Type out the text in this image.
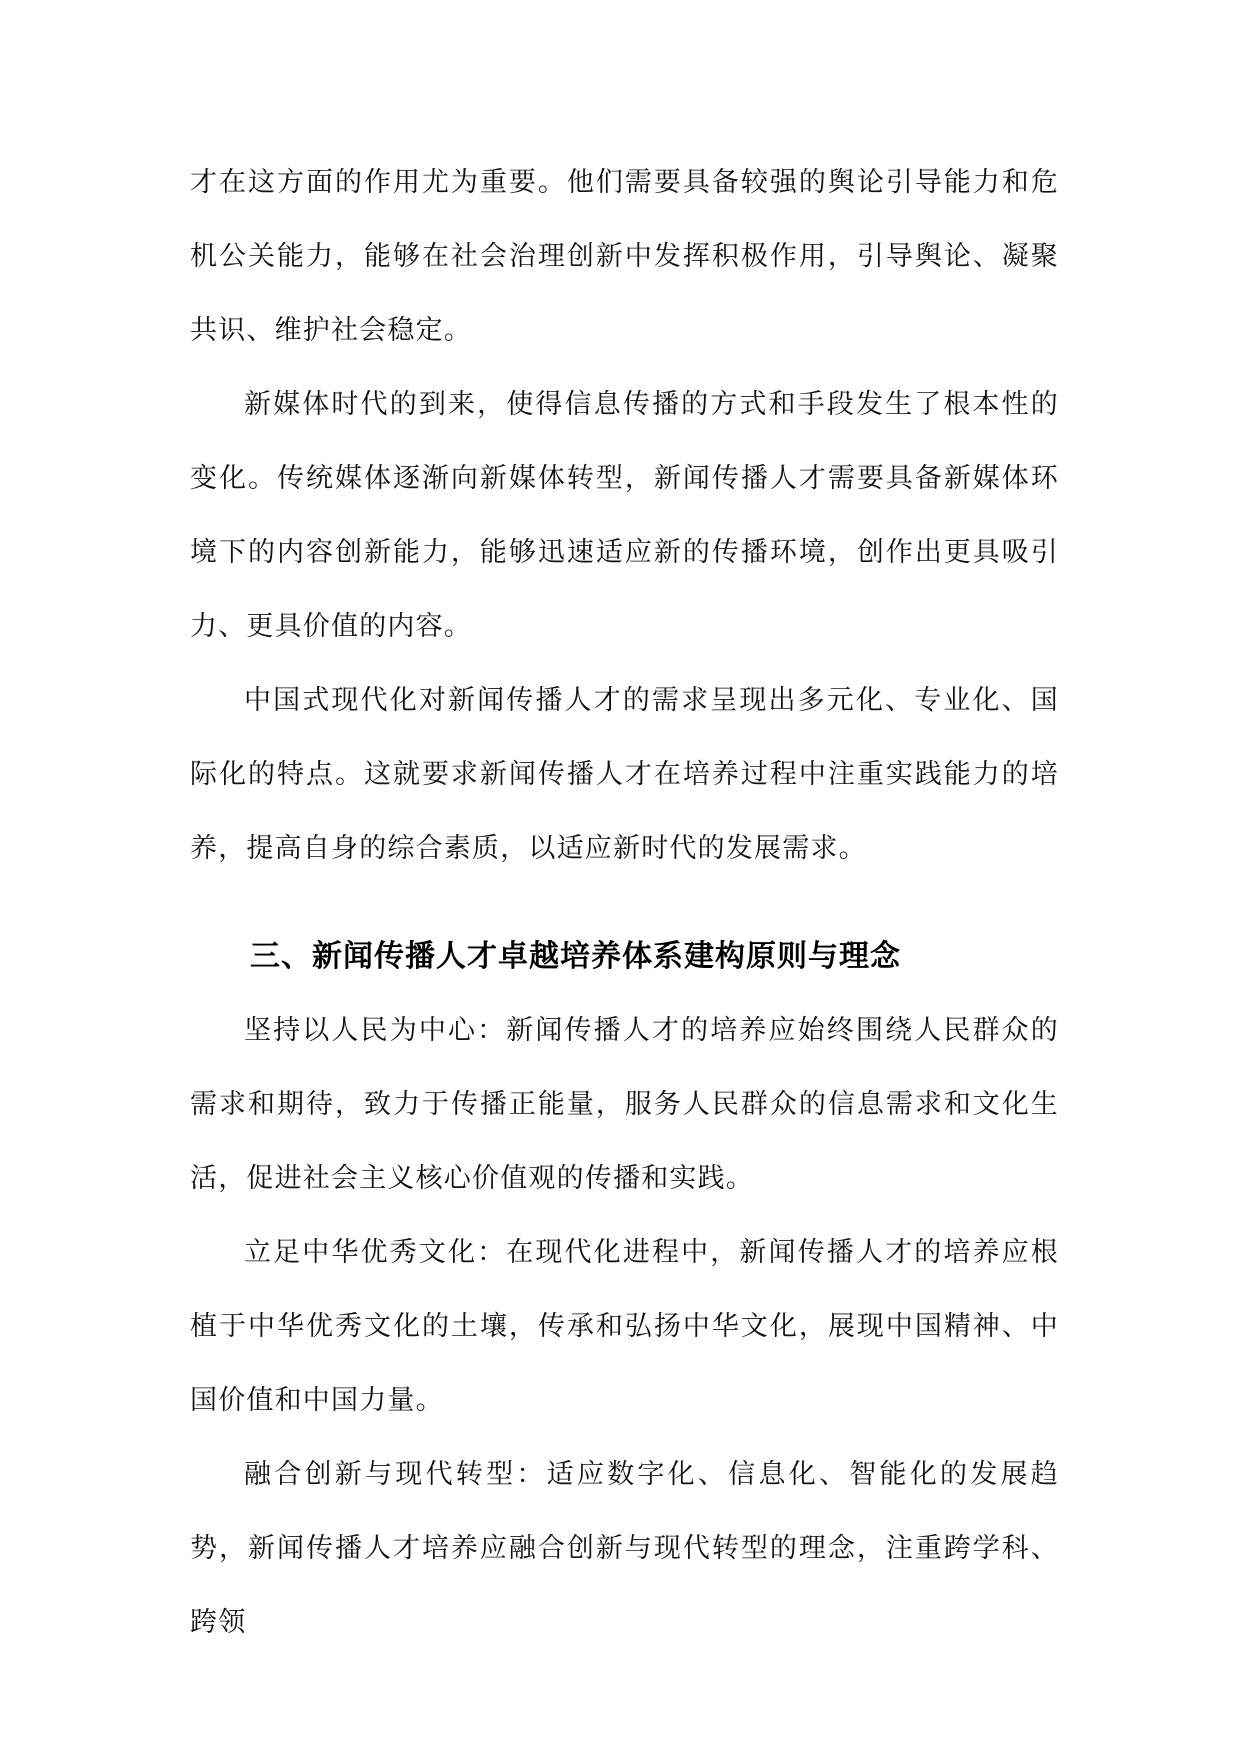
才在这方面的作用尤为重要。他们需要具备较强的舆论引导能力和危机公关能力，能够在社会治理创新中发挥积极作用，引导舆论、凝聚共识、维护社会稳定。

新媒体时代的到来，使得信息传播的方式和手段发生了根本性的变化。传统媒体逐渐向新媒体转型，新闻传播人才需要具备新媒体环境下的内容创新能力，能够迅速适应新的传播环境，创作出更具吸引力、更具价值的内容。

中国式现代化对新闻传播人才的需求呈现出多元化、专业化、国际化的特点。这就要求新闻传播人才在培养过程中注重实践能力的培养，提高自身的综合素质，以适应新时代的发展需求。

三、新闻传播人才卓越培养体系建构原则与理念

坚持以人民为中心：新闻传播人才的培养应始终围绕人民群众的需求和期待，致力于传播正能量，服务人民群众的信息需求和文化生活，促进社会主义核心价值观的传播和实践。

立足中华优秀文化：在现代化进程中，新闻传播人才的培养应根植于中华优秀文化的土壤，传承和弘扬中华文化，展现中国精神、中国价值和中国力量。

融合创新与现代转型：适应数字化、信息化、智能化的发展趋势，新闻传播人才培养应融合创新与现代转型的理念，注重跨学科、跨领
